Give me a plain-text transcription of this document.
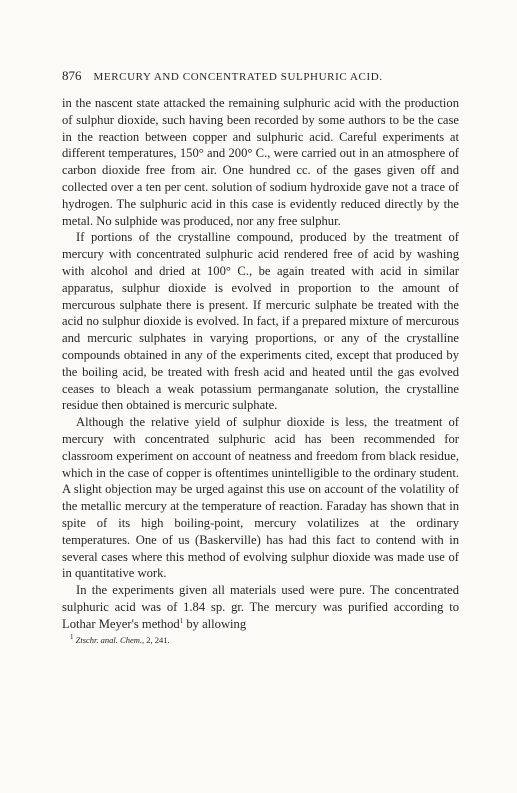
876 MERCURY AND CONCENTRATED SULPHURIC ACID.

in the nascent state attacked the remaining sulphuric acid with the production of sulphur dioxide, such having been recorded by some authors to be the case in the reaction between copper and sulphuric acid. Careful experiments at different temperatures, 150° and 200° C., were carried out in an atmosphere of carbon dioxide free from air. One hundred cc. of the gases given off and collected over a ten per cent. solution of sodium hydroxide gave not a trace of hydrogen. The sulphuric acid in this case is evidently reduced directly by the metal. No sulphide was produced, nor any free sulphur.

If portions of the crystalline compound, produced by the treatment of mercury with concentrated sulphuric acid rendered free of acid by washing with alcohol and dried at 100° C., be again treated with acid in similar apparatus, sulphur dioxide is evolved in proportion to the amount of mercurous sulphate there is present. If mercuric sulphate be treated with the acid no sulphur dioxide is evolved. In fact, if a prepared mixture of mercurous and mercuric sulphates in varying proportions, or any of the crystalline compounds obtained in any of the experiments cited, except that produced by the boiling acid, be treated with fresh acid and heated until the gas evolved ceases to bleach a weak potassium permanganate solution, the crystalline residue then obtained is mercuric sulphate.

Although the relative yield of sulphur dioxide is less, the treatment of mercury with concentrated sulphuric acid has been recommended for classroom experiment on account of neatness and freedom from black residue, which in the case of copper is oftentimes unintelligible to the ordinary student. A slight objection may be urged against this use on account of the volatility of the metallic mercury at the temperature of reaction. Faraday has shown that in spite of its high boiling-point, mercury volatilizes at the ordinary temperatures. One of us (Baskerville) has had this fact to contend with in several cases where this method of evolving sulphur dioxide was made use of in quantitative work.

In the experiments given all materials used were pure. The concentrated sulphuric acid was of 1.84 sp. gr. The mercury was purified according to Lothar Meyer's method$^1$ by allowing

$^1$ Ztschr. anal. Chem., 2, 241.
